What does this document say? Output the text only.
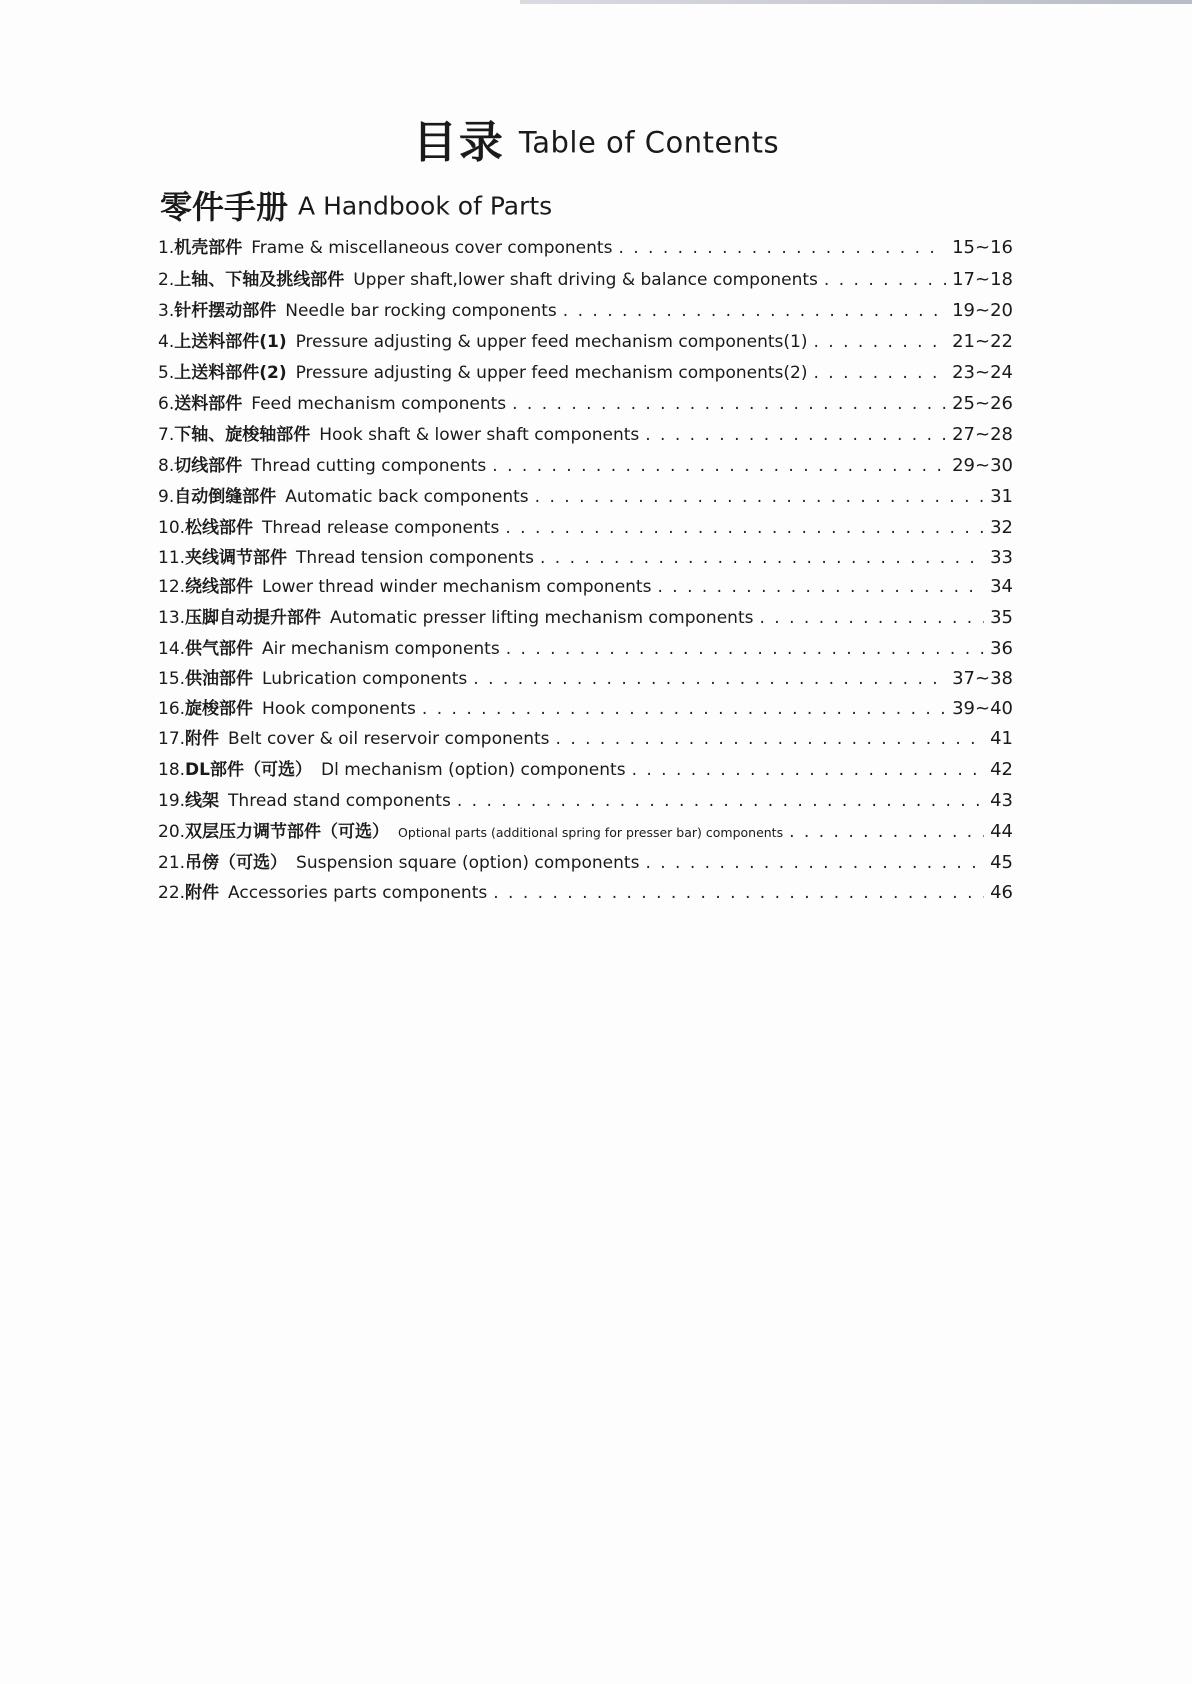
目录 Table of Contents
零件手册 A Handbook of Parts
1. 机壳部件 Frame & miscellaneous cover components . . .	15~16
2. 上轴、下轴及挑线部件 Upper shaft,lower shaft driving & balance components . . .	17~18
3. 针杆摆动部件 Needle bar rocking components . . .	19~20
4. 上送料部件(1) Pressure adjusting & upper feed mechanism components(1) . . .	21~22
5. 上送料部件(2) Pressure adjusting & upper feed mechanism components(2) . . .	23~24
6. 送料部件 Feed mechanism components . . .	25~26
7. 下轴、旋梭轴部件 Hook shaft & lower shaft components . . .	27~28
8. 切线部件 Thread cutting components . . .	29~30
9. 自动倒缝部件 Automatic back components . . .	31
10. 松线部件 Thread release components . . .	32
11. 夹线调节部件 Thread tension components . . .	33
12. 绕线部件 Lower thread winder mechanism components . . .	34
13. 压脚自动提升部件 Automatic presser lifting mechanism components . . .	35
14. 供气部件 Air mechanism components . . .	36
15. 供油部件 Lubrication components . . .	37~38
16. 旋梭部件 Hook components . . .	39~40
17. 附件 Belt cover & oil reservoir components . . .	41
18. DL部件（可选） Dl mechanism (option) components . . .	42
19. 线架 Thread stand components . . .	43
20. 双层压力调节部件（可选） Optional parts (additional spring for presser bar) components . . .	44
21. 吊傍（可选） Suspension square (option) components . . .	45
22. 附件 Accessories parts components . . .	46
